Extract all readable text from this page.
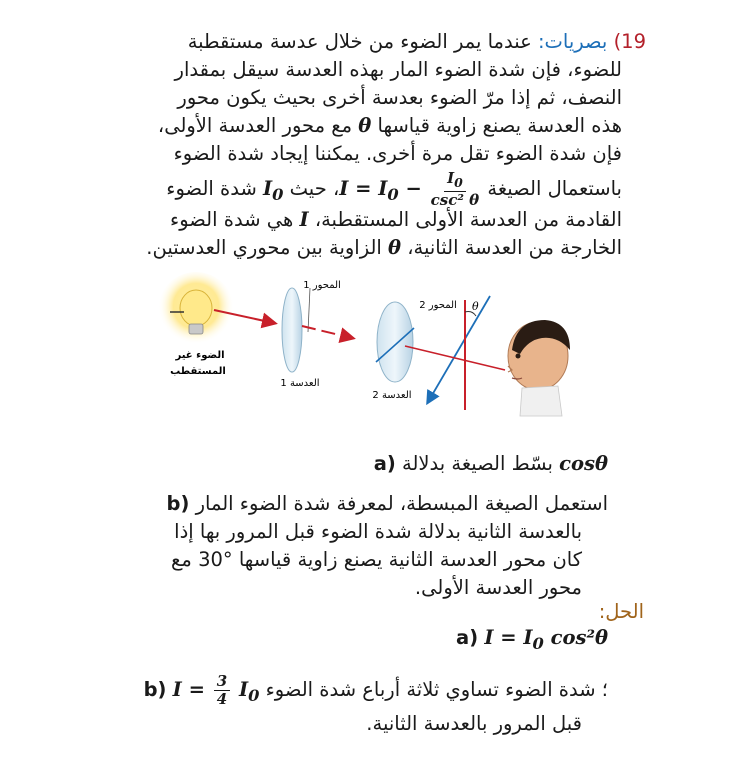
19) بصريات: عندما يمر الضوء من خلال عدسة مستقطبة
للضوء، فإن شدة الضوء المار بهذه العدسة سيقل بمقدار
النصف، ثم إذا مرّ الضوء بعدسة أخرى بحيث يكون محور
هذه العدسة يصنع زاوية قياسها θ مع محور العدسة الأولى،
فإن شدة الضوء تقل مرة أخرى. يمكننا إيجاد شدة الضوء
باستعمال الصيغة $I = I_0 - \frac{I_0}{\text{csc² θ}}$
، حيث $I_0$ شدة الضوء
القادمة من العدسة الأولى المستقطبة، I هي شدة الضوء
الخارجة من العدسة الثانية، θ الزاوية بين محوري العدستين.
الضوء غير
المستقطب
المحور 1
العدسة 1
المحور 2
العدسة 2
θ
a) بسّط الصيغة بدلالة cosθ
b) استعمل الصيغة المبسطة، لمعرفة شدة الضوء المار
بالعدسة الثانية بدلالة شدة الضوء قبل المرور بها إذا
كان محور العدسة الثانية يصنع زاوية قياسها °30 مع
محور العدسة الأولى.
الحل:
a) $I = I_0$ cos²θ
b) $I = \frac{3}{4} I_0$ ؛ شدة الضوء تساوي ثلاثة أرباع شدة الضوء
قبل المرور بالعدسة الثانية.
